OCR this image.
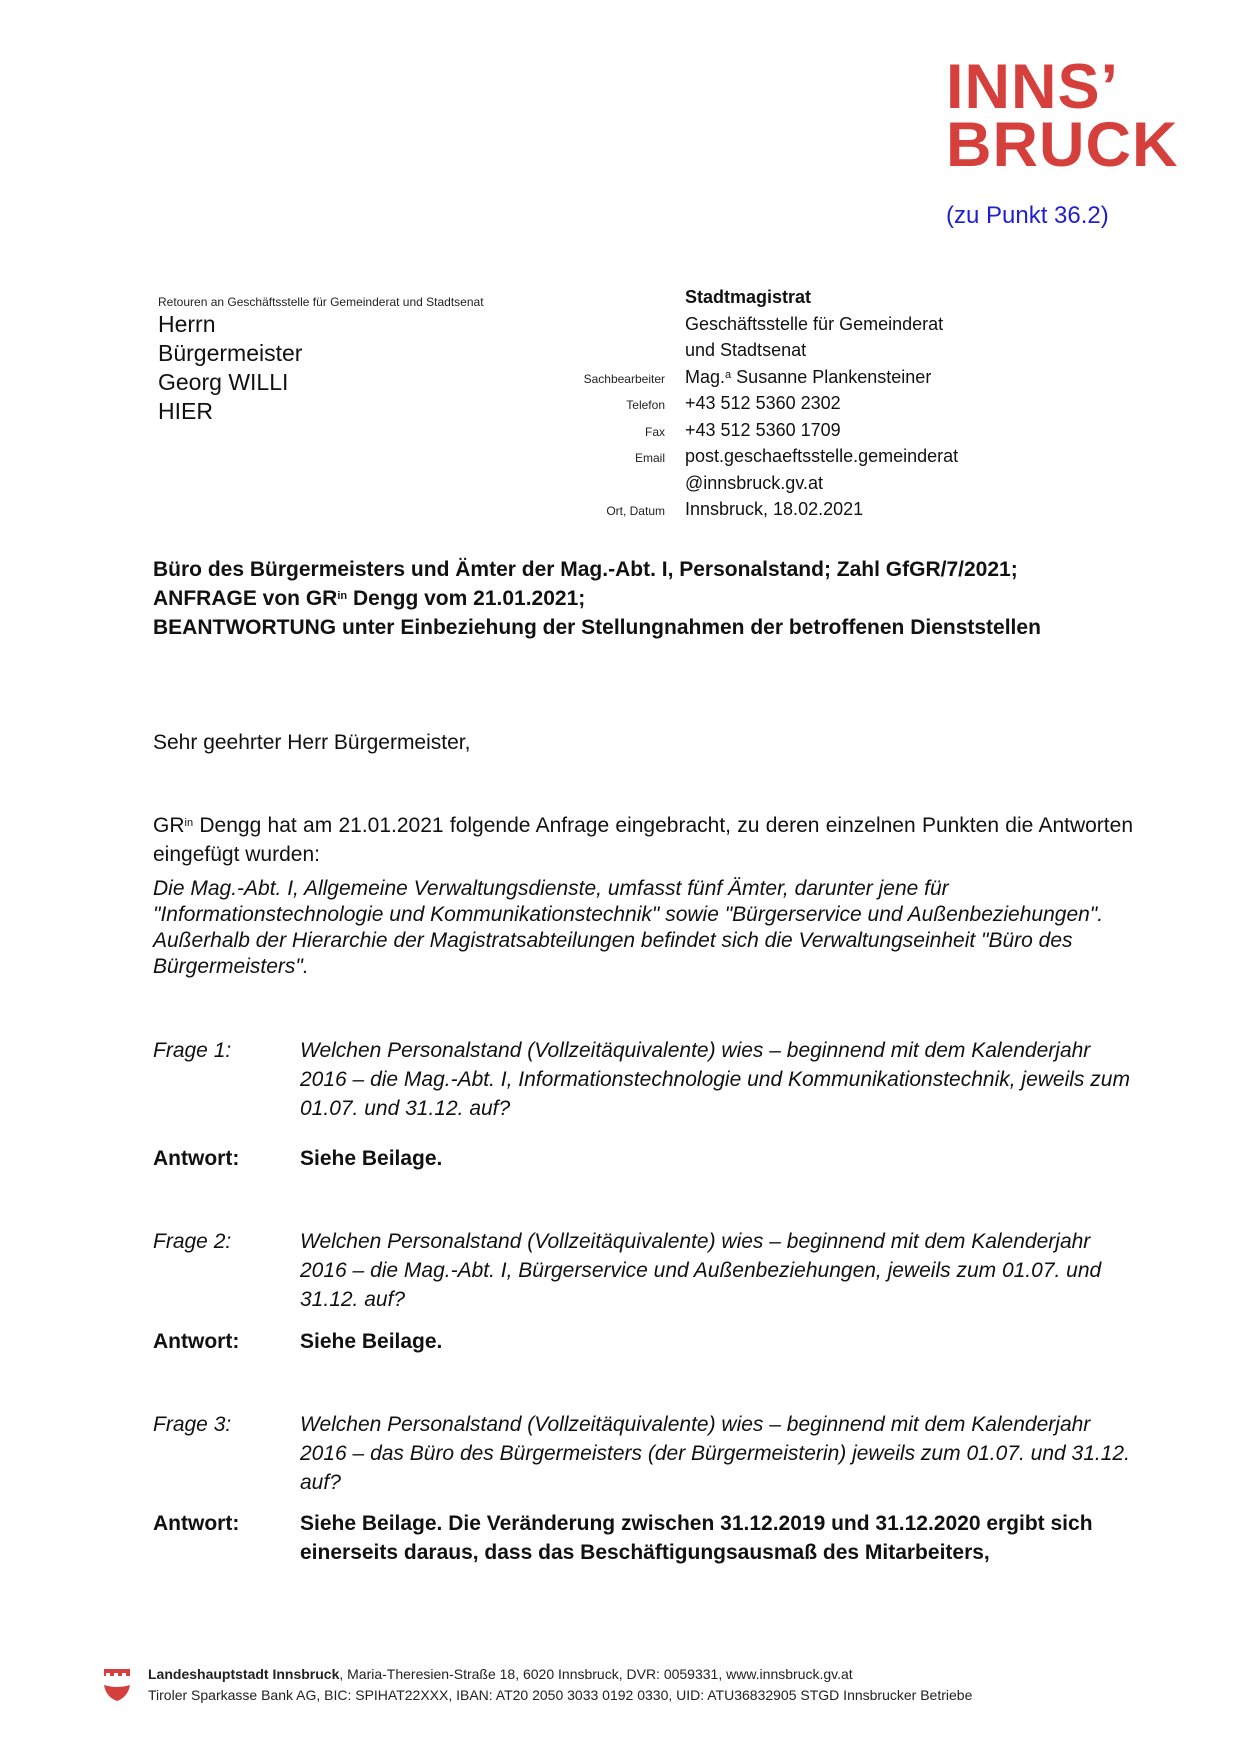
INNS’
BRUCK
(zu Punkt 36.2)
Retouren an Geschäftsstelle für Gemeinderat und Stadtsenat
Herrn
Bürgermeister
Georg WILLI
HIER
Stadtmagistrat
Geschäftsstelle für Gemeinderat
und Stadtsenat
Sachbearbeiter	Mag.$^a$ Susanne Plankensteiner
Telefon	+43 512 5360 2302
Fax	+43 512 5360 1709
Email	post.geschaeftsstelle.gemeinderat
@innsbruck.gv.at
Ort, Datum	Innsbruck, 18.02.2021
Büro des Bürgermeisters und Ämter der Mag.-Abt. I, Personalstand; Zahl GfGR/7/2021;
ANFRAGE von $GR^{in}$ Dengg vom 21.01.2021;
BEANTWORTUNG unter Einbeziehung der Stellungnahmen der betroffenen Dienststellen
Sehr geehrter Herr Bürgermeister,
$GR^{in}$ Dengg hat am 21.01.2021 folgende Anfrage eingebracht, zu deren einzelnen Punkten die Antworten eingefügt wurden:
Die Mag.-Abt. I, Allgemeine Verwaltungsdienste, umfasst fünf Ämter, darunter jene für "Informationstechnologie und Kommunikationstechnik" sowie "Bürgerservice und Außenbeziehungen". Außerhalb der Hierarchie der Magistratsabteilungen befindet sich die Verwaltungseinheit "Büro des Bürgermeisters".
Frage 1:	Welchen Personalstand (Vollzeitäquivalente) wies – beginnend mit dem Kalenderjahr 2016 – die Mag.-Abt. I, Informationstechnologie und Kommunikationstechnik, jeweils zum 01.07. und 31.12. auf?
Antwort:	Siehe Beilage.
Frage 2:	Welchen Personalstand (Vollzeitäquivalente) wies – beginnend mit dem Kalenderjahr 2016 – die Mag.-Abt. I, Bürgerservice und Außenbeziehungen, jeweils zum 01.07. und 31.12. auf?
Antwort:	Siehe Beilage.
Frage 3:	Welchen Personalstand (Vollzeitäquivalente) wies – beginnend mit dem Kalenderjahr 2016 – das Büro des Bürgermeisters (der Bürgermeisterin) jeweils zum 01.07. und 31.12. auf?
Antwort:	Siehe Beilage. Die Veränderung zwischen 31.12.2019 und 31.12.2020 ergibt sich einerseits daraus, dass das Beschäftigungsausmaß des Mitarbeiters,
Landeshauptstadt Innsbruck, Maria-Theresien-Straße 18, 6020 Innsbruck, DVR: 0059331, www.innsbruck.gv.at
Tiroler Sparkasse Bank AG, BIC: SPIHAT22XXX, IBAN: AT20 2050 3033 0192 0330, UID: ATU36832905 STGD Innsbrucker Betriebe
